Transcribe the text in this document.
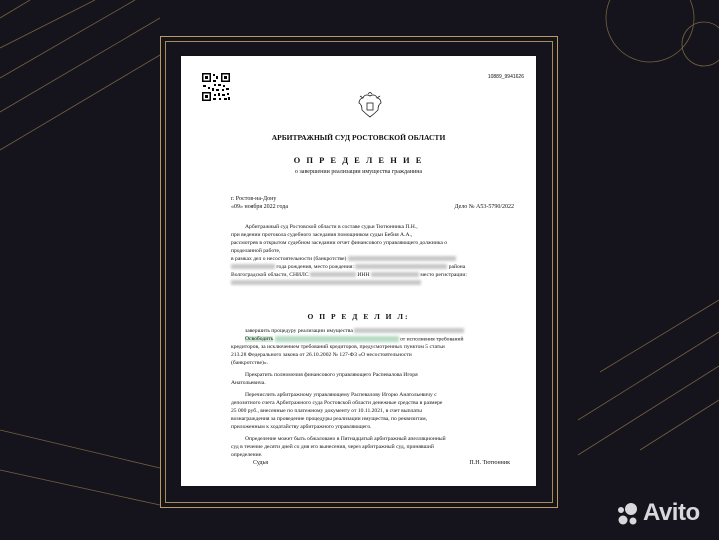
10889_9941626
АРБИТРАЖНЫЙ СУД РОСТОВСКОЙ ОБЛАСТИ
О П Р Е Д Е Л Е Н И Е
о завершении реализации имущества гражданина
г. Ростов-на-Дону
«09» ноября 2022 года	Дело № А53-5790/2022
Арбитражный суд Ростовской области в составе судьи Тютюнника П.Н.,
при ведении протокола судебного заседания помощником судьи Бебия А.А.,
рассмотрев в открытом судебном заседании отчет финансового управляющего должника о
проделанной работе,
в рамках дел о несостоятельности (банкротстве)
года рождения, место рождения:	района
Волгоградской области, СНИЛС	ИНН	место регистрации:
О П Р Е Д Е Л И Л:
завершить процедуру реализации имущества
Освободить	от исполнения требований
кредиторов, за исключением требований кредиторов, предусмотренных пунктом 5 статьи
213.28 Федерального закона от 26.10.2002 № 127-ФЗ «О несостоятельности
(банкротстве)».
Прекратить полномочия финансового управляющего Распевалова Игоря
Анатольевича.
Перечислить арбитражному управляющему Распевалову Игорю Анатольевичу с
депозитного счета Арбитражного суда Ростовской области денежные средства в размере
25 000 руб., внесенные по платежному документу от 10.11.2021, в счет выплаты
вознаграждения за проведение процедуры реализации имущества, по реквизитам,
приложенным к ходатайству арбитражного управляющего.
Определение может быть обжаловано в Пятнадцатый арбитражный апелляционный
суд в течение десяти дней со дня его вынесения, через арбитражный суд, принявший
определение.
Судья	П.Н. Тютюнник
Avito
